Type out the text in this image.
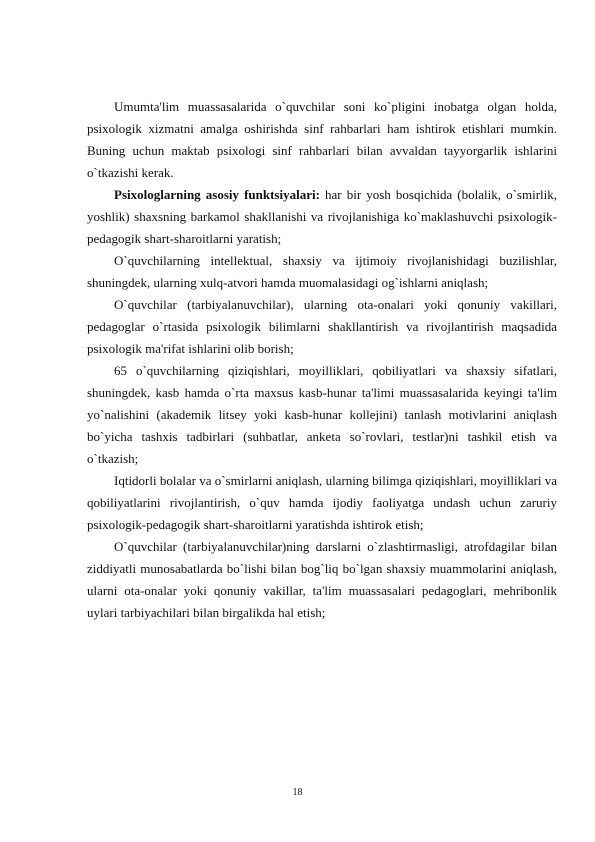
Umumta'lim muassasalarida o`quvchilar soni ko`pligini inobatga olgan holda, psixologik xizmatni amalga oshirishda sinf rahbarlari ham ishtirok etishlari mumkin. Buning uchun maktab psixologi sinf rahbarlari bilan avvaldan tayyorgarlik ishlarini o`tkazishi kerak.

Psixologlarning asosiy funktsiyalari: har bir yosh bosqichida (bolalik, o`smirlik, yoshlik) shaxsning barkamol shakllanishi va rivojlanishiga ko`maklashuvchi psixologik-pedagogik shart-sharoitlarni yaratish;

O`quvchilarning intellektual, shaxsiy va ijtimoiy rivojlanishidagi buzilishlar, shuningdek, ularning xulq-atvori hamda muomalasidagi og`ishlarni aniqlash;

O`quvchilar (tarbiyalanuvchilar), ularning ota-onalari yoki qonuniy vakillari, pedagoglar o`rtasida psixologik bilimlarni shakllantirish va rivojlantirish maqsadida psixologik ma'rifat ishlarini olib borish;

65 o`quvchilarning qiziqishlari, moyilliklari, qobiliyatlari va shaxsiy sifatlari, shuningdek, kasb hamda o`rta maxsus kasb-hunar ta'limi muassasalarida keyingi ta'lim yo`nalishini (akademik litsey yoki kasb-hunar kollejini) tanlash motivlarini aniqlash bo`yicha tashxis tadbirlari (suhbatlar, anketa so`rovlari, testlar)ni tashkil etish va o`tkazish;

Iqtidorli bolalar va o`smirlarni aniqlash, ularning bilimga qiziqishlari, moyilliklari va qobiliyatlarini rivojlantirish, o`quv hamda ijodiy faoliyatga undash uchun zaruriy psixologik-pedagogik shart-sharoitlarni yaratishda ishtirok etish;

O`quvchilar (tarbiyalanuvchilar)ning darslarni o`zlashtirmasligi, atrofdagilar bilan ziddiyatli munosabatlarda bo`lishi bilan bog`liq bo`lgan shaxsiy muammolarini aniqlash, ularni ota-onalar yoki qonuniy vakillar, ta'lim muassasalari pedagoglari, mehribonlik uylari tarbiyachilari bilan birgalikda hal etish;

18
